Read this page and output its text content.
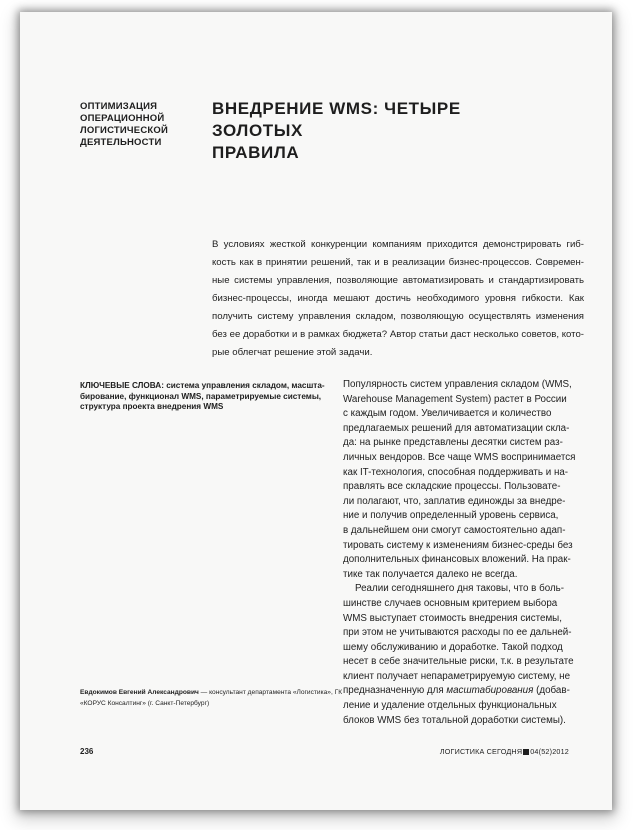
ОПТИМИЗАЦИЯ
ОПЕРАЦИОННОЙ
ЛОГИСТИЧЕСКОЙ
ДЕЯТЕЛЬНОСТИ
ВНЕДРЕНИЕ WMS: ЧЕТЫРЕ ЗОЛОТЫХ
ПРАВИЛА
В условиях жесткой конкуренции компаниям приходится демонстрировать гиб-
кость как в принятии решений, так и в реализации бизнес-процессов. Современ-
ные системы управления, позволяющие автоматизировать и стандартизировать
бизнес-процессы, иногда мешают достичь необходимого уровня гибкости. Как
получить систему управления складом, позволяющую осуществлять изменения
без ее доработки и в рамках бюджета? Автор статьи даст несколько советов, кото-
рые облегчат решение этой задачи.
КЛЮЧЕВЫЕ СЛОВА: система управления складом, масшта-
бирование, функционал WMS, параметрируемые системы,
структура проекта внедрения WMS
Популярность систем управления складом (WMS,
Warehouse Management System) растет в России
с каждым годом. Увеличивается и количество
предлагаемых решений для автоматизации скла-
да: на рынке представлены десятки систем раз-
личных вендоров. Все чаще WMS воспринимается
как IT-технология, способная поддерживать и на-
правлять все складские процессы. Пользовате-
ли полагают, что, заплатив единожды за внедре-
ние и получив определенный уровень сервиса,
в дальнейшем они смогут самостоятельно адап-
тировать систему к изменениям бизнес-среды без
дополнительных финансовых вложений. На прак-
тике так получается далеко не всегда.
Реалии сегодняшнего дня таковы, что в боль-
шинстве случаев основным критерием выбора
WMS выступает стоимость внедрения системы,
при этом не учитываются расходы по ее дальней-
шему обслуживанию и доработке. Такой подход
несет в себе значительные риски, т.к. в результате
клиент получает непараметрируемую систему, не
предназначенную для масштабирования (добав-
ление и удаление отдельных функциональных
блоков WMS без тотальной доработки системы).
Евдокимов Евгений Александрович — консультант департамента «Логистика», ГК
«КОРУС Консалтинг» (г. Санкт-Петербург)
236	ЛОГИСТИКА СЕГОДНЯ 04(52)2012
